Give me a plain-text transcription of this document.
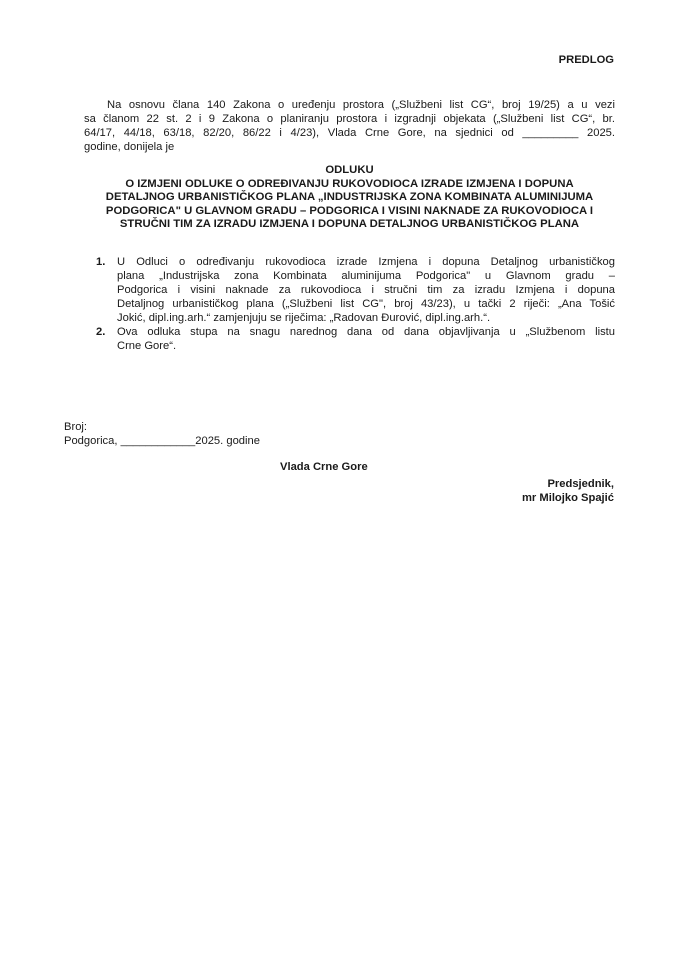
PREDLOG
Na osnovu člana 140 Zakona o uređenju prostora („Službeni list CG“, broj 19/25) a u vezi
sa članom 22 st. 2 i 9 Zakona o planiranju prostora i izgradnji objekata („Službeni list CG“, br.
64/17, 44/18, 63/18, 82/20, 86/22 i 4/23), Vlada Crne Gore, na sjednici od _________ 2025.
godine, donijela je
ODLUKU
O IZMJENI ODLUKE O ODREĐIVANJU RUKOVODIOCA IZRADE IZMJENA I DOPUNA
DETALJNOG URBANISTIČKOG PLANA „INDUSTRIJSKA ZONA KOMBINATA ALUMINIJUMA
PODGORICA" U GLAVNOM GRADU – PODGORICA I VISINI NAKNADE ZA RUKOVODIOCA I
STRUČNI TIM ZA IZRADU IZMJENA I DOPUNA DETALJNOG URBANISTIČKOG PLANA
1. U Odluci o određivanju rukovodioca izrade Izmjena i dopuna Detaljnog urbanističkog
plana „Industrijska zona Kombinata aluminijuma Podgorica" u Glavnom gradu –
Podgorica i visini naknade za rukovodioca i stručni tim za izradu Izmjena i dopuna
Detaljnog urbanističkog plana („Službeni list CG", broj 43/23), u tački 2 riječi: „Ana Tošić
Jokić, dipl.ing.arh.“ zamjenjuju se riječima: „Radovan Đurović, dipl.ing.arh.“.
2. Ova odluka stupa na snagu narednog dana od dana objavljivanja u „Službenom listu
Crne Gore“.
Broj:
Podgorica, ____________2025. godine
Vlada Crne Gore
Predsjednik,
mr Milojko Spajić
